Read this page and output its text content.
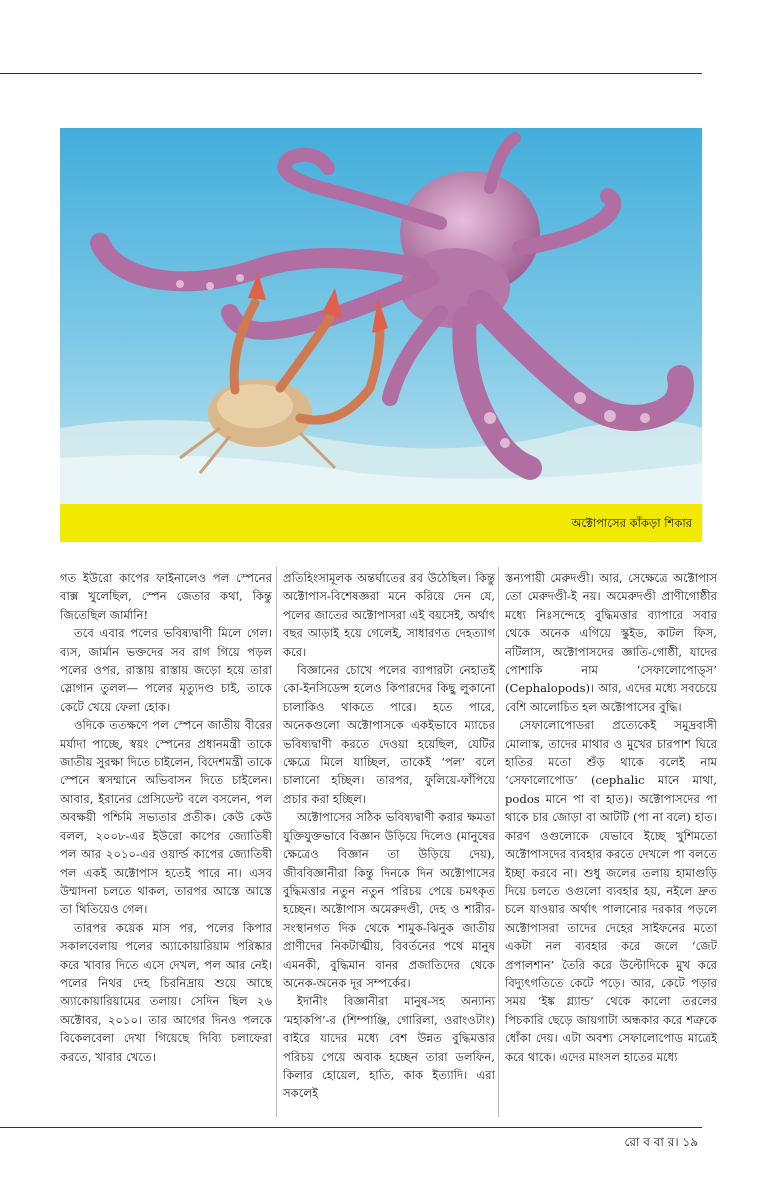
অক্টোপাসের কাঁকড়া শিকার

গত ইউরো কাপের ফাইনালেও পল স্পেনের বাক্স খুলেছিল, স্পেন জেতার কথা, কিন্তু জিতেছিল জার্মানি!

তবে এবার পলের ভবিষ্যদ্বাণী মিলে গেল। ব্যস, জার্মান ভক্তদের সব রাগ গিয়ে পড়ল পলের ওপর, রাস্তায় রাস্তায় জড়ো হয়ে তারা স্লোগান তুলল— পলের মৃত্যুদণ্ড চাই, তাকে কেটে খেয়ে ফেলা হোক।

ওদিকে ততক্ষণে পল স্পেনে জাতীয় বীরের মর্যাদা পাচ্ছে, স্বয়ং স্পেনের প্রধানমন্ত্রী তাকে জাতীয় সুরক্ষা দিতে চাইলেন, বিদেশমন্ত্রী তাকে স্পেনে স্বসম্মানে অভিবাসন দিতে চাইলেন। আবার, ইরানের প্রেসিডেন্ট বলে বসলেন, পল অবক্ষয়ী পশ্চিমি সভ্যতার প্রতীক। কেউ কেউ বলল, ২০০৮-এর ইউরো কাপের জ্যোতিষী পল আর ২০১০-এর ওয়ার্ল্ড কাপের জ্যোতিষী পল একই অক্টোপাস হতেই পারে না। এসব উম্মাদনা চলতে থাকল, তারপর আস্তে আস্তে তা থিতিয়েও গেল।

তারপর কয়েক মাস পর, পলের কিপার সকালবেলায় পলের অ্যাকোয়ারিয়াম পরিষ্কার করে খাবার দিতে এসে দেখল, পল আর নেই। পলের নিথর দেহ চিরনিদ্রায় শুয়ে আছে অ্যাকোয়ারিয়ামের তলায়। সেদিন ছিল ২৬ অক্টোবর, ২০১০। তার আগের দিনও পলকে বিকেলবেলা দেখা গিয়েছে দিব্যি চলাফেরা করতে, খাবার খেতে।

প্রতিহিংসামূলক অন্তর্ঘাতের রব উঠেছিল। কিন্তু অক্টোপাস-বিশেষজ্ঞরা মনে করিয়ে দেন যে, পলের জাতের অক্টোপাসরা এই বয়সেই, অর্থাৎ বছর আড়াই হয়ে গেলেই, সাধারণত দেহত্যাগ করে।

বিজ্ঞানের চোখে পলের ব্যাপারটা নেহাতই কো-ইনসিডেন্স হলেও কিপারদের কিছু লুকানো চালাকিও থাকতে পারে। হতে পারে, অনেকগুলো অক্টোপাসকে একইভাবে ম্যাচের ভবিষ্যদ্বাণী করতে দেওয়া হয়েছিল, যেটির ক্ষেত্রে মিলে যাচ্ছিল, তাকেই ‘পল’ বলে চালানো হচ্ছিল। তারপর, ফুলিয়ে-ফাঁপিয়ে প্রচার করা হচ্ছিল।

অক্টোপাসের সঠিক ভবিষ্যদ্বাণী করার ক্ষমতা যুক্তিযুক্তভাবে বিজ্ঞান উড়িয়ে দিলেও (মানুষের ক্ষেত্রেও বিজ্ঞান তা উড়িয়ে দেয়), জীববিজ্ঞানীরা কিন্তু দিনকে দিন অক্টোপাসের বুদ্ধিমত্তার নতুন নতুন পরিচয় পেয়ে চমৎকৃত হচ্ছেন। অক্টোপাস অমেরুদণ্ডী, দেহ ও শারীর-সংস্থানগত দিক থেকে শামুক-ঝিনুক জাতীয় প্রাণীদের নিকটাত্মীয়, বিবর্তনের পথে মানুষ এমনকী, বুদ্ধিমান বানর প্রজাতিদের থেকে অনেক-অনেক দূর সম্পর্কের।

ইদানীং বিজ্ঞানীরা মানুষ-সহ অন্যান্য ‘মহাকপি’-র (শিম্পাঞ্জি, গোরিলা, ওরাংওটাং) বাইরে যাদের মধ্যে বেশ উন্নত বুদ্ধিমত্তার পরিচয় পেয়ে অবাক হচ্ছেন তারা ডলফিন, কিলার হোয়েল, হাতি, কাক ইত্যাদি। এরা সকলেই

স্তন্যপায়ী মেরুদণ্ডী। আর, সেক্ষেত্রে অক্টোপাস তো মেরুদণ্ডী-ই নয়। অমেরুদণ্ডী প্রাণীগোষ্ঠীর মধ্যে নিঃসন্দেহে বুদ্ধিমত্তার ব্যাপারে সবার থেকে অনেক এগিয়ে স্কুইড, কাটল ফিস, নটিলাস, অক্টোপাসদের জ্ঞাতি-গোষ্ঠী, যাদের পোশাকি নাম ‘সেফালোপোড্‌স’ (Cephalopods)। আর, এদের মধ্যে সবচেয়ে বেশি আলোচিত হল অক্টোপাসের বুদ্ধি।

সেফালোপোডরা প্রত্যেকেই সমুদ্রবাসী মোলাস্ক, তাদের মাথার ও মুখের চারপাশ ঘিরে হাতির মতো শুঁড় থাকে বলেই নাম ‘সেফালোপোড’ (cephalic মানে মাথা, podos মানে পা বা হাত)। অক্টোপাসদের পা থাকে চার জোড়া বা আটটি (পা না বলে) হাত। কারণ ওগুলোকে যেভাবে ইচ্ছে খুশিমতো অক্টোপাসদের ব্যবহার করতে দেখলে পা বলতে ইচ্ছা করবে না। শুধু জলের তলায় হামাগুড়ি দিয়ে চলতে ওগুলো ব্যবহার হয়, নইলে দ্রুত চলে যাওয়ার অর্থাৎ পালানোর দরকার পড়লে অক্টোপাসরা তাদের দেহের সাইফনের মতো একটা নল ব্যবহার করে জলে ‘জেট প্রপালশান’ তৈরি করে উল্টোদিকে মুখ করে বিদ্যুৎগতিতে কেটে পড়ে। আর, কেটে পড়ার সময় ‘ইঙ্ক গ্ল্যান্ড’ থেকে কালো তরলের পিচকারি ছেড়ে জায়গাটা অন্ধকার করে শত্রুকে ধোঁকা দেয়। এটা অবশ্য সেফালোপোড মাত্রেই করে থাকে। এদের মাংসল হাতের মধ্যে

রো ব বা র। ১৯
